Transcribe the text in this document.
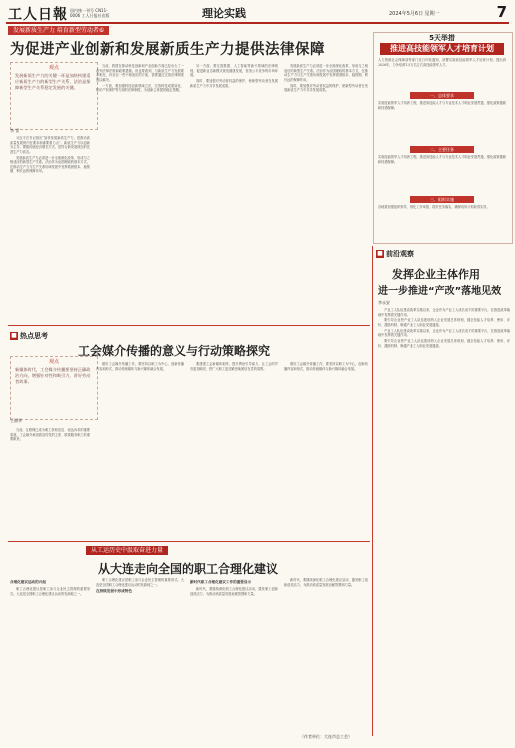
工人日報 国内统一刊号 CN11-0006 工人日报社出版	理论实践	2024年5月6日 星期一	7
发展新质生产力 培育新型劳动者⑥
为促进产业创新和发展新质生产力提供法律保障
观点
发展新质生产力的关键一环是加快构建适应新质生产力的新型生产关系，法治是保障新型生产关系稳定发展的关键。
李 雷

习近平总书记指出“加快发展新质生产力，是推动高质量发展的内在要求和重要着力点”。新质生产力以创新为主导，摆脱传统经济增长方式，是符合新发展理念的先进生产力质态。

发展新质生产力必须进一步全面深化改革，形成与之相适应的新型生产关系。法治作为治国理政的基本方式，在推动生产力与生产关系协调发展中发挥着固根本、稳预期、利长远的保障作用。

当前，我国在推动科技创新和产业创新方面已经出台了一系列法律法规和政策措施。但也要看到，与新质生产力发展要求相比，仍存在一些不相适应的方面，需要通过完善法律制度加以解决。

一方面，要加强科技创新领域立法，完善科技成果转化、知识产权保护等方面的法律制度，为创新主体提供稳定预期。

另一方面，要完善数据、人工智能等新兴领域的法律规则，促进新业态新模式规范健康发展，营造公平竞争的市场环境。

同时，要加强对劳动者权益的保护，使新型劳动者在发展新质生产力中共享发展成果。

发展新质生产力必须进一步全面深化改革，形成与之相适应的新型生产关系。法治作为治国理政的基本方式，在推动生产力与生产关系协调发展中发挥着固根本、稳预期、利长远的保障作用。

同时，要加强对劳动者权益的保护，使新型劳动者在发展新质生产力中共享发展成果。

5天举措
推进高技能领军人才培育计划
人力资源社会保障部等部门近日印发通知，部署实施高技能领军人才培育计划，提出到2026年，力争培养1.5万名左右高技能领军人才。
一、总体要求
实施技能领军人才培养工程，推进高技能人才与专业技术人才职业发展贯通，强化政策激励和待遇保障。
二、主要任务
实施技能领军人才培养工程，推进高技能人才与专业技术人才职业发展贯通，强化政策激励和待遇保障。
三、组织实施
各地要加强组织领导，细化工作举措，抓好任务落实，确保培育计划取得实效。
■ 前沿观察
发挥企业主体作用
进一步推进“产改”落地见效
李永安

产业工人队伍建设改革实施以来，企业作为产业工人成长成才的重要平台，在推进改革落地中发挥着关键作用。

要引导企业把产业工人队伍建设纳入企业发展总体规划，健全技能人才培养、使用、评价、激励机制，畅通产业工人职业发展通道。

产业工人队伍建设改革实施以来，企业作为产业工人成长成才的重要平台，在推进改革落地中发挥着关键作用。

要引导企业把产业工人队伍建设纳入企业发展总体规划，健全技能人才培养、使用、评价、激励机制，畅通产业工人职业发展通道。

■ 热点思考
工会媒介传播的意义与行动策略探究
观点
新媒体时代，工会媒介传播要坚持正确政治方向，增强针对性和吸引力，讲好劳动者故事。
王丽华

当前，互联网已成为职工获取信息、表达诉求的重要渠道。工会媒介承担着宣传党的主张、联系服务职工的重要职责。

做好工会媒介传播工作，要坚持以职工为中心，创新传播内容和形式，推动传统媒体与新兴媒体融合发展。

要建强工会新媒体矩阵，提升舆论引导能力，让工会的声音更加响亮，把广大职工更加紧密地团结在党的周围。

做好工会媒介传播工作，要坚持以职工为中心，创新传播内容和形式，推动传统媒体与新兴媒体融合发展。

从工运历史中汲取奋进力量
从大连走向全国的职工合理化建议
合理化建议运动的兴起

职工合理化建议是职工参与企业民主管理的重要形式。大连是全国职工合理化建议运动的发源地之一。

职工合理化建议是职工参与企业民主管理的重要形式。大连是全国职工合理化建议运动的发源地之一。

在持续发展中形成特色
新时代职工合理化建议工作的重要启示

新时代，要继续深化职工合理化建议活动，激发职工创新创造活力，为推动高质量发展贡献智慧和力量。

新时代，要继续深化职工合理化建议活动，激发职工创新创造活力，为推动高质量发展贡献智慧和力量。

（作者单位：大连市总工会）
